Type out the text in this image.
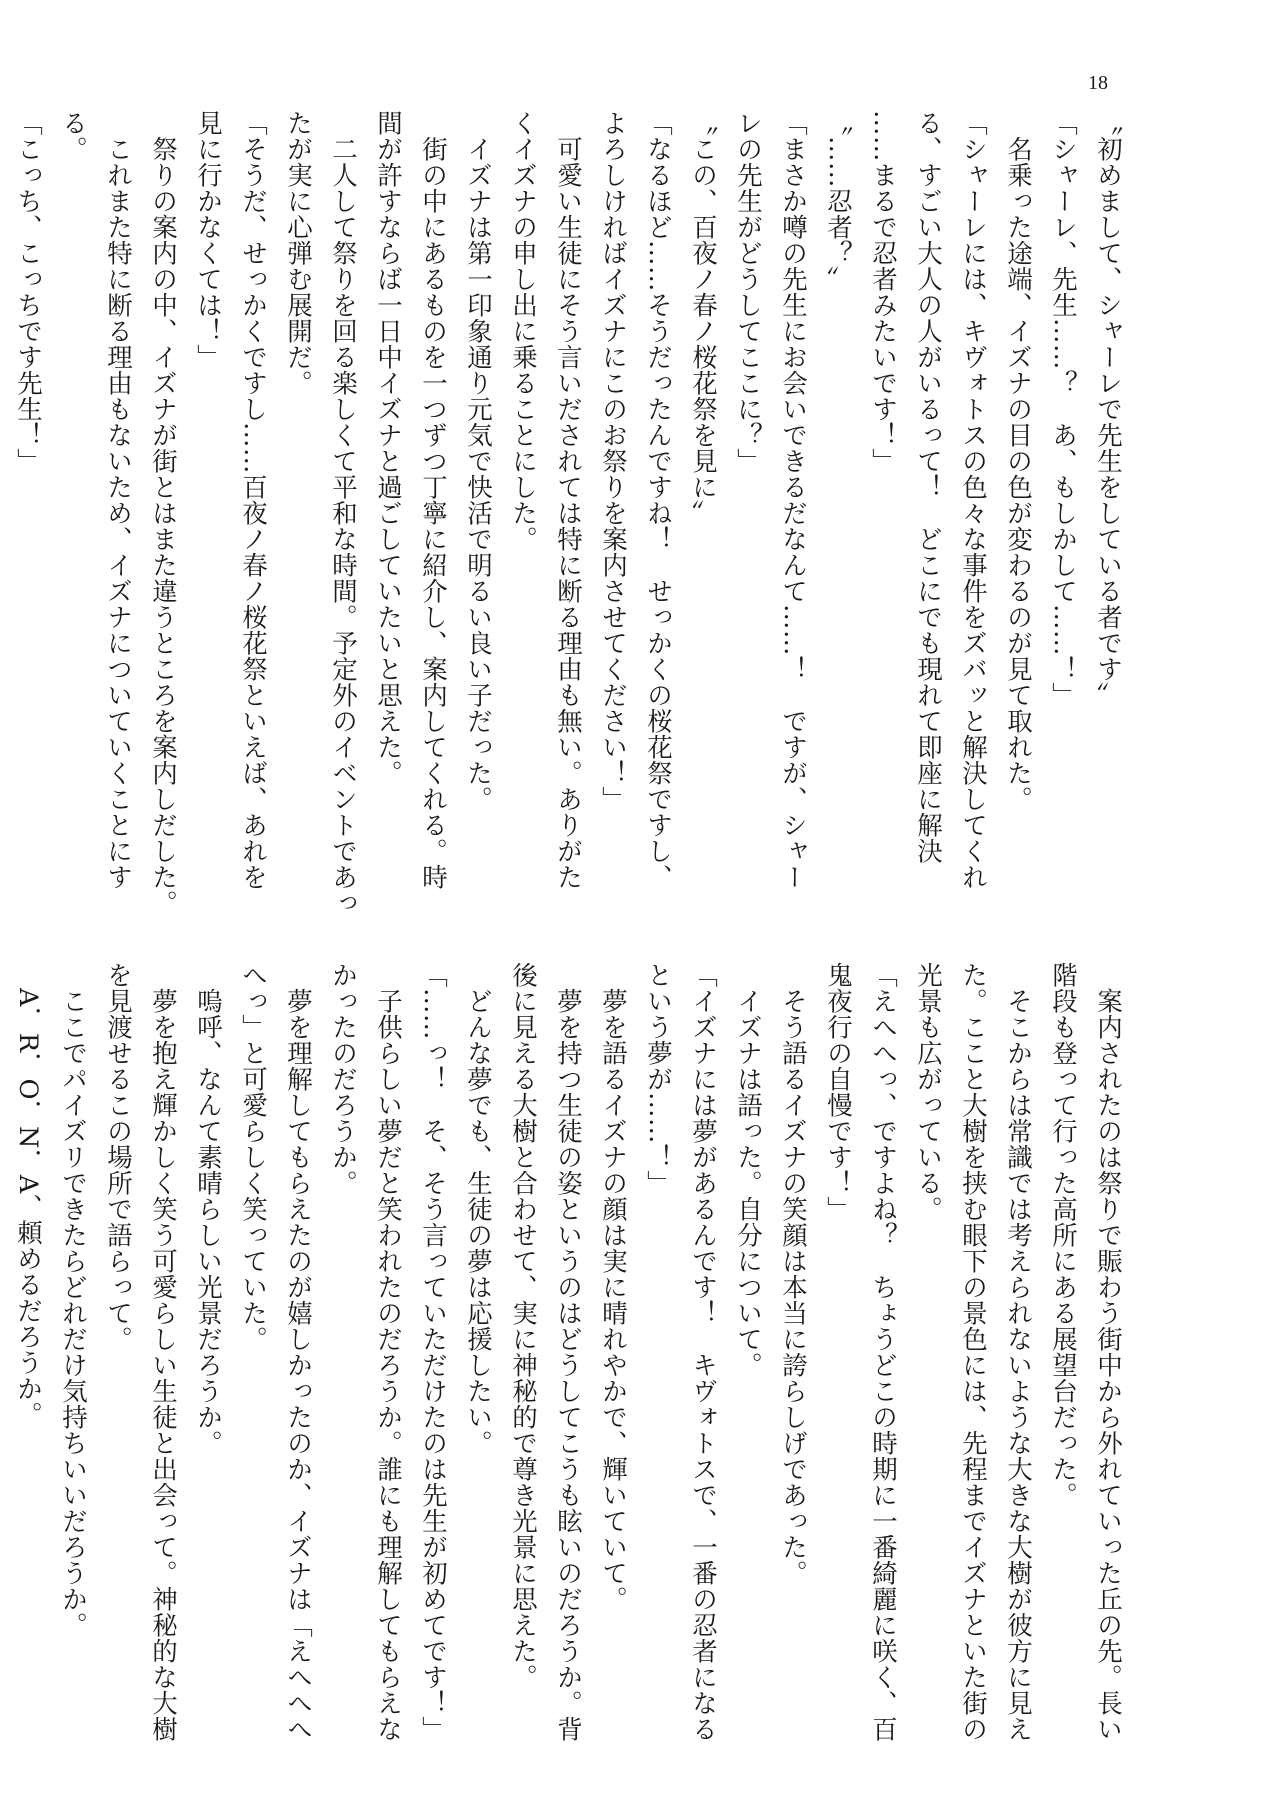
18
〝初めまして、シャーレで先生をしている者です〞
「シャーレ、先生……？　あ、もしかして……！」
　名乗った途端、イズナの目の色が変わるのが見て取れた。
「シャーレには、キヴォトスの色々な事件をズバッと解決してくれ
る、すごい大人の人がいるって！　どこにでも現れて即座に解決
……まるで忍者みたいです！」
〝……忍者？〞
「まさか噂の先生にお会いできるだなんて……！　ですが、シャー
レの先生がどうしてここに？」
〝この、百夜ノ春ノ桜花祭を見に〞
「なるほど……そうだったんですね！　せっかくの桜花祭ですし、
よろしければイズナにこのお祭りを案内させてください！」
　可愛い生徒にそう言いだされては特に断る理由も無い。ありがた
くイズナの申し出に乗ることにした。
　イズナは第一印象通り元気で快活で明るい良い子だった。
　街の中にあるものを一つずつ丁寧に紹介し、案内してくれる。時
間が許すならば一日中イズナと過ごしていたいと思えた。
　二人して祭りを回る楽しくて平和な時間。予定外のイベントであっ
たが実に心弾む展開だ。
「そうだ、せっかくですし……百夜ノ春ノ桜花祭といえば、あれを
見に行かなくては！」
　祭りの案内の中、イズナが街とはまた違うところを案内しだした。
　これまた特に断る理由もないため、イズナについていくことにす
る。
「こっち、こっちです先生！」
　案内されたのは祭りで賑わう街中から外れていった丘の先。長い
階段も登って行った高所にある展望台だった。
　そこからは常識では考えられないような大きな大樹が彼方に見え
た。ここと大樹を挟む眼下の景色には、先程までイズナといた街の
光景も広がっている。
「えへへっ、ですよね？　ちょうどこの時期に一番綺麗に咲く、百
鬼夜行の自慢です！」
　そう語るイズナの笑顔は本当に誇らしげであった。
　イズナは語った。自分について。
「イズナには夢があるんです！　キヴォトスで、一番の忍者になる
という夢が……！」
　夢を語るイズナの顔は実に晴れやかで、輝いていて。
　夢を持つ生徒の姿というのはどうしてこうも眩いのだろうか。背
後に見える大樹と合わせて、実に神秘的で尊き光景に思えた。
　どんな夢でも、生徒の夢は応援したい。
「……っ！　そ、そう言っていただけたのは先生が初めてです！」
　子供らしい夢だと笑われたのだろうか。誰にも理解してもらえな
かったのだろうか。
　夢を理解してもらえたのが嬉しかったのか、イズナは「えへへへ
へっ」と可愛らしく笑っていた。
　嗚呼、なんて素晴らしい光景だろうか。
　夢を抱え輝かしく笑う可愛らしい生徒と出会って。神秘的な大樹
を見渡せるこの場所で語らって。
　ここでパイズリできたらどれだけ気持ちいいだろうか。
　A．R．O．N．A、頼めるだろうか。
